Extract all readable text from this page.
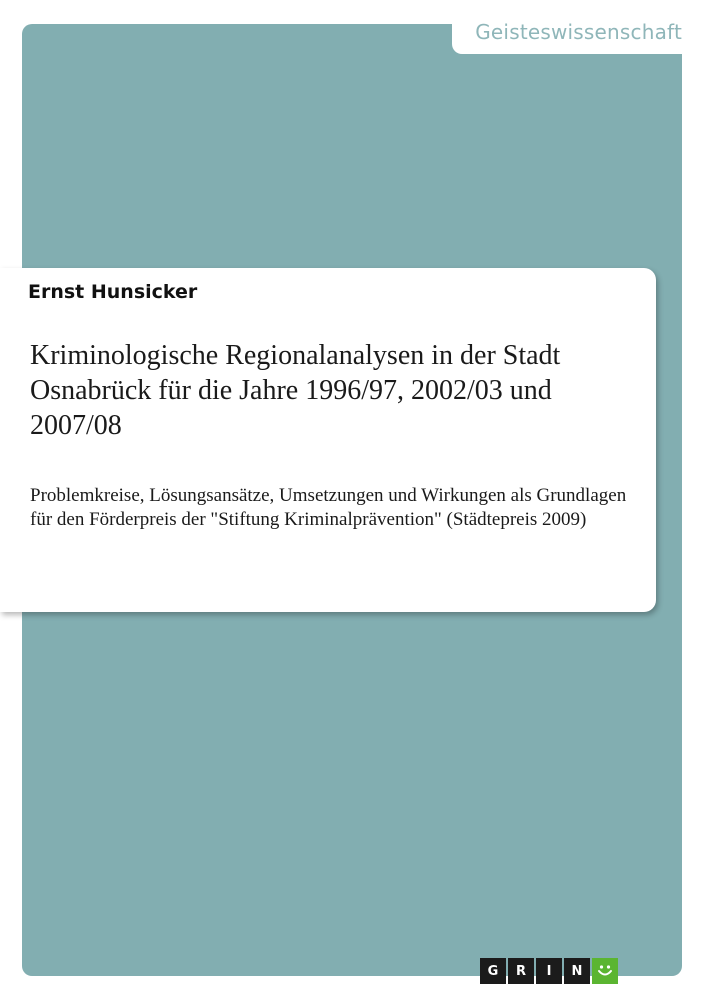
Geisteswissenschaft
Ernst Hunsicker
Kriminologische Regionalanalysen in der Stadt Osnabrück für die Jahre 1996/97, 2002/03 und 2007/08

Problemkreise, Lösungsansätze, Umsetzungen und Wirkungen als Grundlagen für den Förderpreis der "Stiftung Kriminalprävention" (Städtepreis 2009)

G	R	I	N
